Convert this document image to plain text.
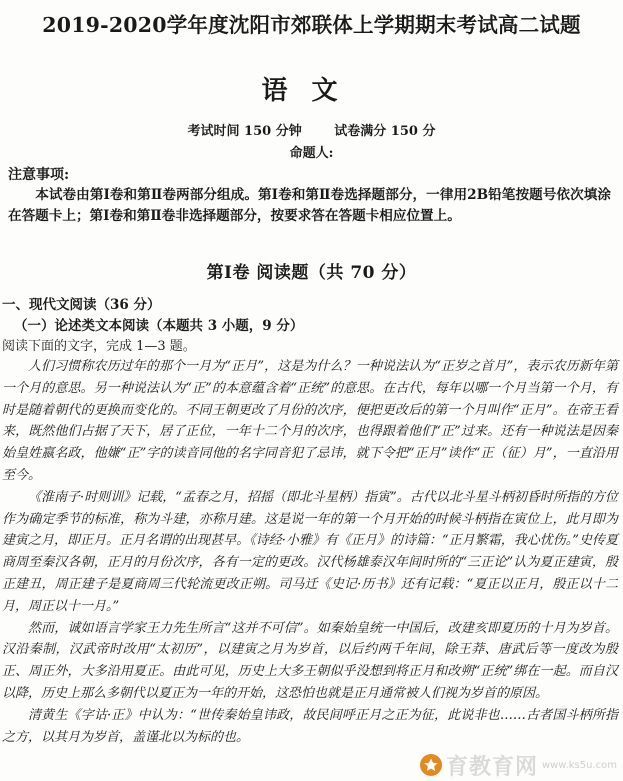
2019-2020学年度沈阳市郊联体上学期期末考试高二试题
语文
考试时间 150 分钟	试卷满分 150 分
命题人:
注意事项:
本试卷由第Ⅰ卷和第Ⅱ卷两部分组成。第Ⅰ卷和第Ⅱ卷选择题部分，一律用2B铅笔按题号依次填涂在答题卡上；第Ⅰ卷和第Ⅱ卷非选择题部分，按要求答在答题卡相应位置上。
第Ⅰ卷 阅读题（共 70 分）
一、现代文阅读（36 分）
（一）论述类文本阅读（本题共 3 小题，9 分）
阅读下面的文字，完成 1—3 题。

人们习惯称农历过年的那个一月为“正月”，这是为什么？一种说法认为“正岁之首月”，表示农历新年第一个月的意思。另一种说法认为“正”的本意蕴含着“正统”的意思。在古代，每年以哪一个月当第一个月，有时是随着朝代的更换而变化的。不同王朝更改了月份的次序，便把更改后的第一个月叫作“正月”。在帝王看来，既然他们占据了天下，居了正位，一年十二个月的次序，也得跟着他们“正”过来。还有一种说法是因秦始皇姓嬴名政，他嫌“正”字的读音同他的名字同音犯了忌讳，就下令把“正月”读作“正（征）月”，一直沿用至今。

《淮南子·时则训》记载，“孟春之月，招摇（即北斗星柄）指寅”。古代以北斗星斗柄初昏时所指的方位作为确定季节的标准，称为斗建，亦称月建。这是说一年的第一个月开始的时候斗柄指在寅位上，此月即为建寅之月，即正月。正月名谓的出现甚早。《诗经·小雅》有《正月》的诗篇：“正月繁霜，我心忧伤。”史传夏商周至秦汉各朝，正月的月份次序，各有一定的更改。汉代杨雄泰汉年间时所的“三正论”认为夏正建寅，殷正建丑，周正建子是夏商周三代轮流更改正朔。司马迁《史记·历书》还有记载：“夏正以正月，殷正以十二月，周正以十一月。”

然而，诚如语言学家王力先生所言“这并不可信”。如秦始皇统一中国后，改建亥即夏历的十月为岁首。汉沿秦制，汉武帝时改用“太初历”，以建寅之月为岁首，以后约两千年间，除王莽、唐武后等一度改为殷正、周正外，大多沿用夏正。由此可见，历史上大多王朝似乎没想到将正月和改朔“正统”绑在一起。而自汉以降，历史上那么多朝代以夏正为一年的开始，这恐怕也就是正月通常被人们视为岁首的原因。

清黄生《字诂·正》中认为：“世传秦始皇讳政，故民间呼正月之正为征，此说非也……古者国斗柄所指之方，以其月为岁首，盖谨北以为标的也。

育教育网 www.ks5u.com
